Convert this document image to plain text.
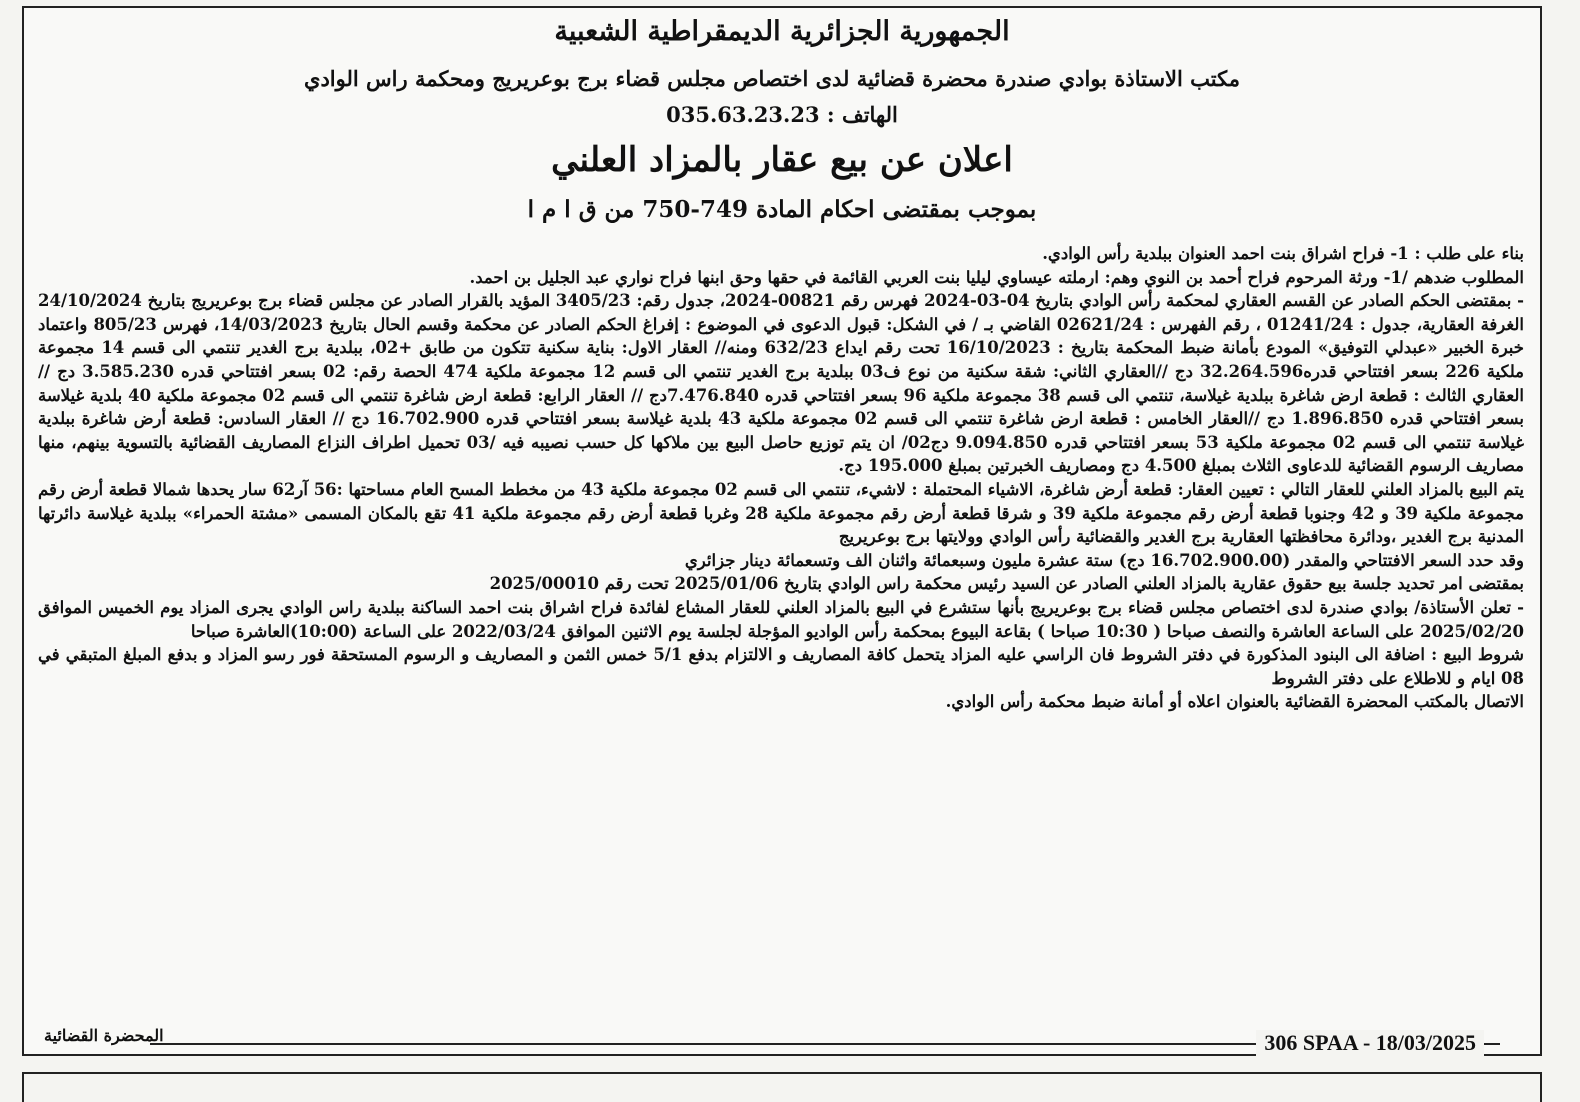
الجمهورية الجزائرية الديمقراطية الشعبية
مكتب الاستاذة بوادي صندرة محضرة قضائية لدى اختصاص مجلس قضاء برج بوعريريج ومحكمة راس الوادي
الهاتف : 035.63.23.23
اعلان عن بيع عقار بالمزاد العلني
بموجب بمقتضى احكام المادة 749-750 من ق ا م ا

بناء على طلب : 1- فراح اشراق بنت احمد العنوان ببلدية رأس الوادي.

المطلوب ضدهم /1- ورثة المرحوم فراح أحمد بن النوي وهم: ارملته عيساوي ليليا بنت العربي القائمة في حقها وحق ابنها فراح نواري عبد الجليل بن احمد.

- بمقتضى الحكم الصادر عن القسم العقاري لمحكمة رأس الوادي بتاريخ 04-03-2024 فهرس رقم 00821-2024، جدول رقم: 3405/23 المؤيد بالقرار الصادر عن مجلس قضاء برج بوعريريج بتاريخ 24/10/2024 الغرفة العقارية، جدول : 01241/24 ، رقم الفهرس : 02621/24 القاضي بـ / في الشكل: قبول الدعوى في الموضوع : إفراغ الحكم الصادر عن محكمة وقسم الحال بتاريخ 14/03/2023، فهرس 805/23 واعتماد خبرة الخبير «عبدلي التوفيق» المودع بأمانة ضبط المحكمة بتاريخ : 16/10/2023 تحت رقم ايداع 632/23 ومنه// العقار الاول: بناية سكنية تتكون من طابق +02، ببلدية برج الغدير تنتمي الى قسم 14 مجموعة ملكية 226 بسعر افتتاحي قدره32.264.596 دج //العقاري الثاني: شقة سكنية من نوع ف03 ببلدية برج الغدير تنتمي الى قسم 12 مجموعة ملكية 474 الحصة رقم: 02 بسعر افتتاحي قدره 3.585.230 دج //العقاري الثالث : قطعة ارض شاغرة ببلدية غيلاسة، تنتمي الى قسم 38 مجموعة ملكية 96 بسعر افتتاحي قدره 7.476.840دج // العقار الرابع: قطعة ارض شاغرة تنتمي الى قسم 02 مجموعة ملكية 40 بلدية غيلاسة بسعر افتتاحي قدره 1.896.850 دج //العقار الخامس : قطعة ارض شاغرة تنتمي الى قسم 02 مجموعة ملكية 43 بلدية غيلاسة بسعر افتتاحي قدره 16.702.900 دج // العقار السادس: قطعة أرض شاغرة ببلدية غيلاسة تنتمي الى قسم 02 مجموعة ملكية 53 بسعر افتتاحي قدره 9.094.850 دج02/ ان يتم توزيع حاصل البيع بين ملاكها كل حسب نصيبه فيه /03 تحميل اطراف النزاع المصاريف القضائية بالتسوية بينهم، منها مصاريف الرسوم القضائية للدعاوى الثلاث بمبلغ 4.500 دج ومصاريف الخبرتين بمبلغ 195.000 دج.

يتم البيع بالمزاد العلني للعقار التالي : تعيين العقار: قطعة أرض شاغرة، الاشياء المحتملة : لاشيء، تنتمي الى قسم 02 مجموعة ملكية 43 من مخطط المسح العام مساحتها :56 آر62 سار يحدها شمالا قطعة أرض رقم مجموعة ملكية 39 و 42 وجنوبا قطعة أرض رقم مجموعة ملكية 39 و شرقا قطعة أرض رقم مجموعة ملكية 28 وغربا قطعة أرض رقم مجموعة ملكية 41 تقع بالمكان المسمى «مشتة الحمراء» ببلدية غيلاسة دائرتها المدنية برج الغدير ،ودائرة محافظتها العقارية برج الغدير والقضائية رأس الوادي وولايتها برج بوعريريج

وقد حدد السعر الافتتاحي والمقدر (16.702.900.00 دج) ستة عشرة مليون وسبعمائة واثنان الف وتسعمائة دينار جزائري

بمقتضى امر تحديد جلسة بيع حقوق عقارية بالمزاد العلني الصادر عن السيد رئيس محكمة راس الوادي بتاريخ 2025/01/06 تحت رقم 2025/00010

- تعلن الأستاذة/ بوادي صندرة لدى اختصاص مجلس قضاء برج بوعريريج بأنها ستشرع في البيع بالمزاد العلني للعقار المشاع لفائدة فراح اشراق بنت احمد الساكنة ببلدية راس الوادي يجرى المزاد يوم الخميس الموافق 2025/02/20 على الساعة العاشرة والنصف صباحا ( 10:30 صباحا ) بقاعة البيوع بمحكمة رأس الواديو المؤجلة لجلسة يوم الاثنين الموافق 2022/03/24 على الساعة (10:00)العاشرة صباحا

شروط البيع : اضافة الى البنود المذكورة في دفتر الشروط فان الراسي عليه المزاد يتحمل كافة المصاريف و الالتزام بدفع 5/1 خمس الثمن و المصاريف و الرسوم المستحقة فور رسو المزاد و بدفع المبلغ المتبقي في 08 ايام و للاطلاع على دفتر الشروط

الاتصال بالمكتب المحضرة القضائية بالعنوان اعلاه أو أمانة ضبط محكمة رأس الوادي.

المحضرة القضائية	306 SPAA - 18/03/2025
